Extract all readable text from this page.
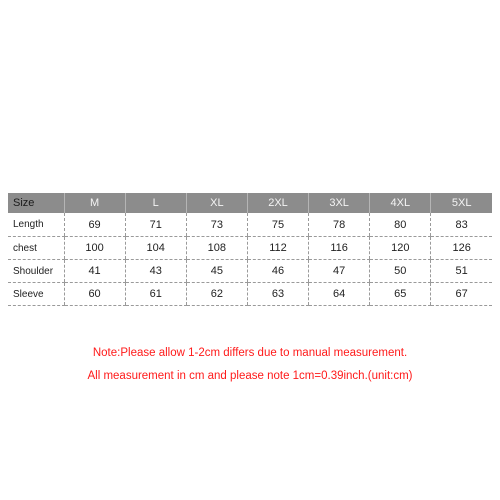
Size	M	L	XL	2XL	3XL	4XL	5XL
Length	69	71	73	75	78	80	83
chest	100	104	108	112	116	120	126
Shoulder	41	43	45	46	47	50	51
Sleeve	60	61	62	63	64	65	67
Note:Please allow 1-2cm differs due to manual measurement.
All measurement in cm and please note 1cm=0.39inch.(unit:cm)
